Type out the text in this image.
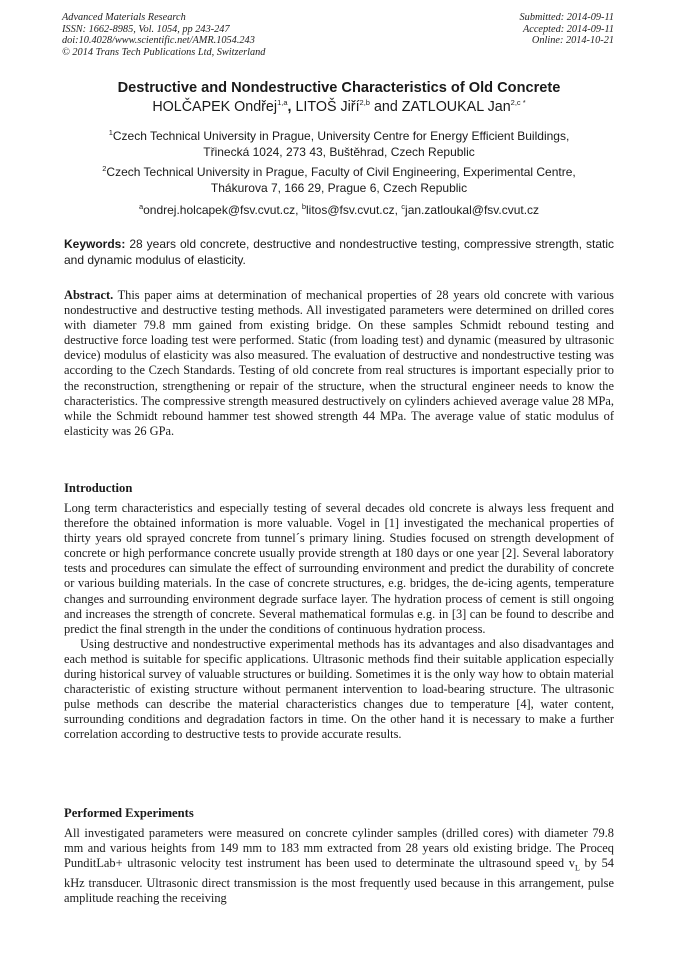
Advanced Materials Research
ISSN: 1662-8985, Vol. 1054, pp 243-247
doi:10.4028/www.scientific.net/AMR.1054.243
© 2014 Trans Tech Publications Ltd, Switzerland
Submitted: 2014-09-11
Accepted: 2014-09-11
Online: 2014-10-21
Destructive and Nondestructive Characteristics of Old Concrete
HOLČAPEK Ondřej$^{1,a}$, LITOŠ Jiří$^{2,b}$ and ZATLOUKAL Jan$^{2,c *}$
$^1$Czech Technical University in Prague, University Centre for Energy Efficient Buildings,
Třinecká 1024, 273 43, Buštěhrad, Czech Republic
$^2$Czech Technical University in Prague, Faculty of Civil Engineering, Experimental Centre,
Thákurova 7, 166 29, Prague 6, Czech Republic
$^a$ondrej.holcapek@fsv.cvut.cz, $^b$litos@fsv.cvut.cz, $^c$jan.zatloukal@fsv.cvut.cz
Keywords: 28 years old concrete, destructive and nondestructive testing, compressive strength, static and dynamic modulus of elasticity.
Abstract. This paper aims at determination of mechanical properties of 28 years old concrete with various nondestructive and destructive testing methods. All investigated parameters were determined on drilled cores with diameter 79.8 mm gained from existing bridge. On these samples Schmidt rebound testing and destructive force loading test were performed. Static (from loading test) and dynamic (measured by ultrasonic device) modulus of elasticity was also measured. The evaluation of destructive and nondestructive testing was according to the Czech Standards. Testing of old concrete from real structures is important especially prior to the reconstruction, strengthening or repair of the structure, when the structural engineer needs to know the characteristics. The compressive strength measured destructively on cylinders achieved average value 28 MPa, while the Schmidt rebound hammer test showed strength 44 MPa. The average value of static modulus of elasticity was 26 GPa.
Introduction

Long term characteristics and especially testing of several decades old concrete is always less frequent and therefore the obtained information is more valuable. Vogel in [1] investigated the mechanical properties of thirty years old sprayed concrete from tunnel´s primary lining. Studies focused on strength development of concrete or high performance concrete usually provide strength at 180 days or one year [2]. Several laboratory tests and procedures can simulate the effect of surrounding environment and predict the durability of concrete or various building materials. In the case of concrete structures, e.g. bridges, the de-icing agents, temperature changes and surrounding environment degrade surface layer. The hydration process of cement is still ongoing and increases the strength of concrete. Several mathematical formulas e.g. in [3] can be found to describe and predict the final strength in the under the conditions of continuous hydration process.

Using destructive and nondestructive experimental methods has its advantages and also disadvantages and each method is suitable for specific applications. Ultrasonic methods find their suitable application especially during historical survey of valuable structures or building. Sometimes it is the only way how to obtain material characteristic of existing structure without permanent intervention to load-bearing structure. The ultrasonic pulse methods can describe the material characteristics changes due to temperature [4], water content, surrounding conditions and degradation factors in time. On the other hand it is necessary to make a further correlation according to destructive tests to provide accurate results.

Performed Experiments

All investigated parameters were measured on concrete cylinder samples (drilled cores) with diameter 79.8 mm and various heights from 149 mm to 183 mm extracted from 28 years old existing bridge. The Proceq PunditLab+ ultrasonic velocity test instrument has been used to determinate the ultrasound speed $v_L$ by 54 kHz transducer. Ultrasonic direct transmission is the most frequently used because in this arrangement, pulse amplitude reaching the receiving
